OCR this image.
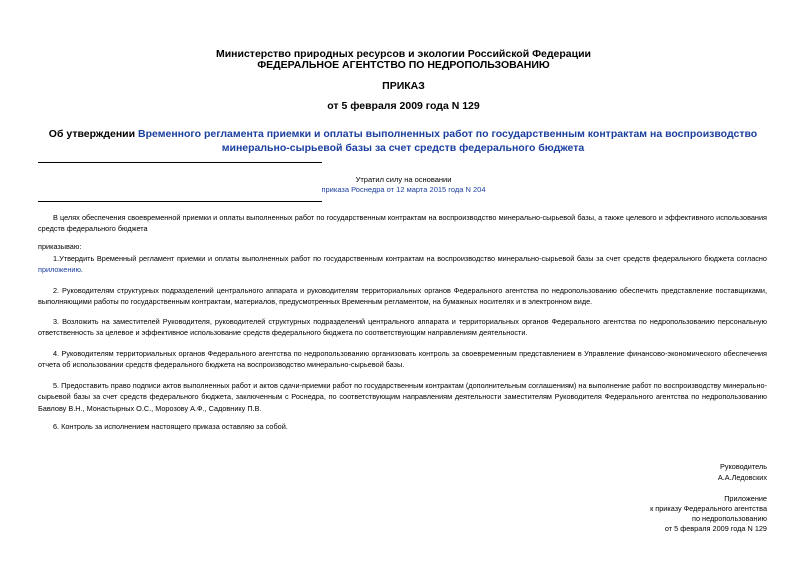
Министерство природных ресурсов и экологии Российской Федерации
ФЕДЕРАЛЬНОЕ АГЕНТСТВО ПО НЕДРОПОЛЬЗОВАНИЮ
ПРИКАЗ
от 5 февраля 2009 года N 129
Об утверждении Временного регламента приемки и оплаты выполненных работ по государственным контрактам на воспроизводство минерально-сырьевой базы за счет средств федерального бюджета
Утратил силу на основании
приказа Роснедра от 12 марта 2015 года N 204
В целях обеспечения своевременной приемки и оплаты выполненных работ по государственным контрактам на воспроизводство минерально-сырьевой базы, а также целевого и эффективного использования средств федерального бюджета
приказываю:
1.Утвердить Временный регламент приемки и оплаты выполненных работ по государственным контрактам на воспроизводство минерально-сырьевой базы за счет средств федерального бюджета согласно приложению.
2. Руководителям структурных подразделений центрального аппарата и руководителям территориальных органов Федерального агентства по недропользованию обеспечить представление поставщиками, выполняющими работы по государственным контрактам, материалов, предусмотренных Временным регламентом, на бумажных носителях и в электронном виде.
3. Возложить на заместителей Руководителя, руководителей структурных подразделений центрального аппарата и территориальных органов Федерального агентства по недропользованию персональную ответственность за целевое и эффективное использование средств федерального бюджета по соответствующим направлениям деятельности.
4. Руководителям территориальных органов Федерального агентства по недропользованию организовать контроль за своевременным представлением в Управление финансово-экономического обеспечения отчета об использовании средств федерального бюджета на воспроизводство минерально-сырьевой базы.
5. Предоставить право подписи актов выполненных работ и актов сдачи-приемки работ по государственным контрактам (дополнительным соглашениям) на выполнение работ по воспроизводству минерально-сырьевой базы за счет средств федерального бюджета, заключенным с Роснедра, по соответствующим направлениям деятельности заместителям Руководителя Федерального агентства по недропользованию Бавлову В.Н., Монастырных О.С., Морозову А.Ф., Садовнику П.В.
6. Контроль за исполнением настоящего приказа оставляю за собой.
Руководитель
А.А.Ледовских
Приложение
к приказу Федерального агентства
по недропользованию
от 5 февраля 2009 года N 129
